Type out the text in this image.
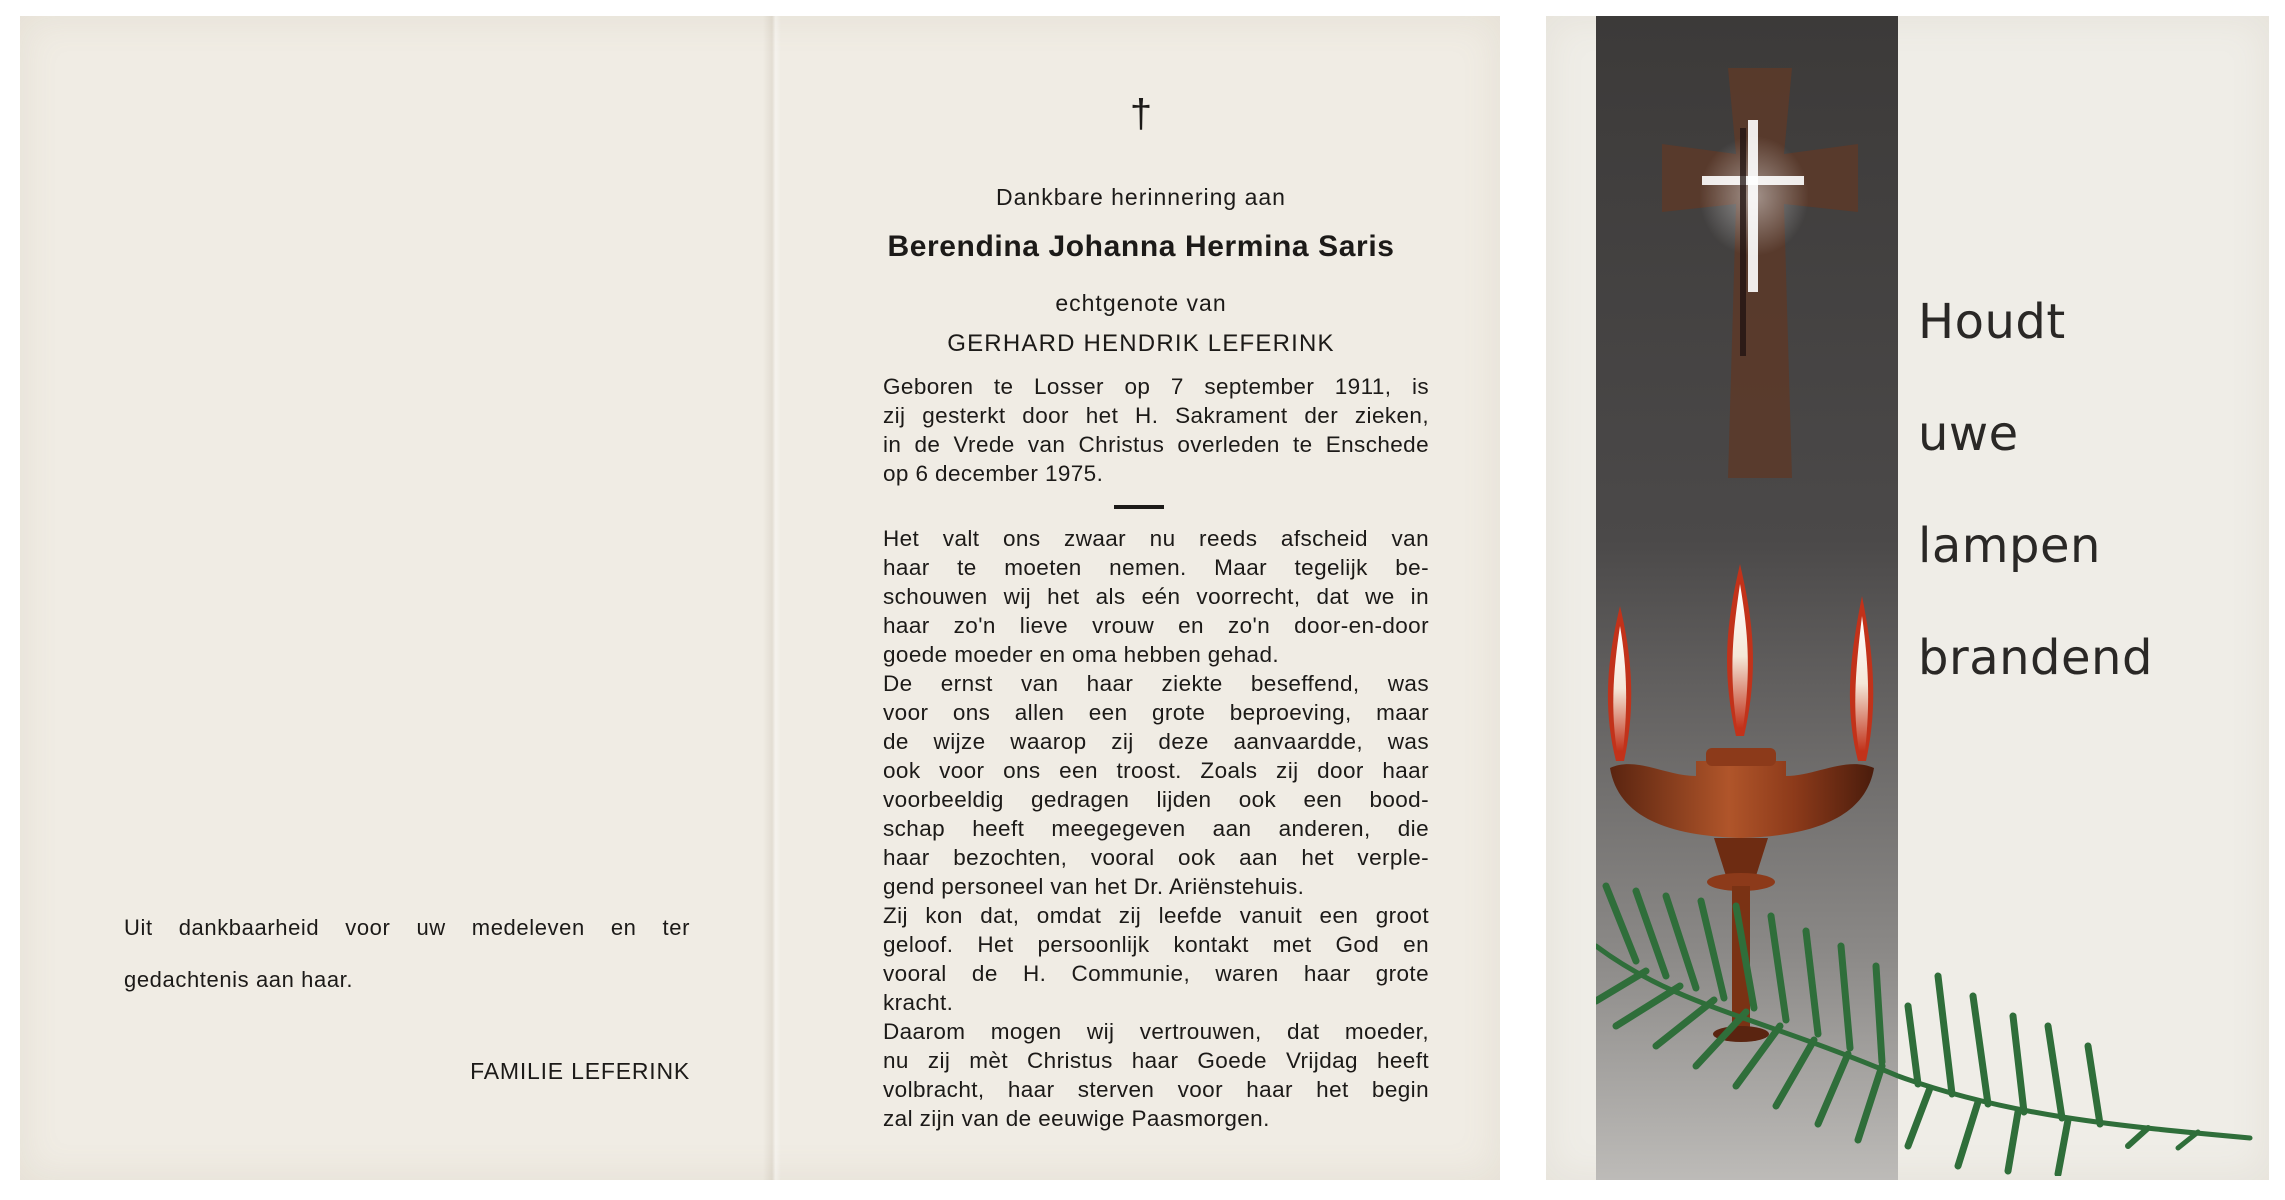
Uit dankbaarheid voor uw medeleven en ter
gedachtenis aan haar.
FAMILIE LEFERINK
†
Dankbare herinnering aan
Berendina Johanna Hermina Saris
echtgenote van
GERHARD HENDRIK LEFERINK
Geboren te Losser op 7 september 1911, is
zij gesterkt door het H. Sakrament der zieken,
in de Vrede van Christus overleden te Enschede
op 6 december 1975.
Het valt ons zwaar nu reeds afscheid van
haar te moeten nemen. Maar tegelijk be-
schouwen wij het als eén voorrecht, dat we in
haar zo'n lieve vrouw en zo'n door-en-door
goede moeder en oma hebben gehad.
De ernst van haar ziekte beseffend, was
voor ons allen een grote beproeving, maar
de wijze waarop zij deze aanvaardde, was
ook voor ons een troost. Zoals zij door haar
voorbeeldig gedragen lijden ook een bood-
schap heeft meegegeven aan anderen, die
haar bezochten, vooral ook aan het verple-
gend personeel van het Dr. Ariënstehuis.
Zij kon dat, omdat zij leefde vanuit een groot
geloof. Het persoonlijk kontakt met God en
vooral de H. Communie, waren haar grote
kracht.
Daarom mogen wij vertrouwen, dat moeder,
nu zij mèt Christus haar Goede Vrijdag heeft
volbracht, haar sterven voor haar het begin
zal zijn van de eeuwige Paasmorgen.
Houdt
uwe
lampen
brandend
